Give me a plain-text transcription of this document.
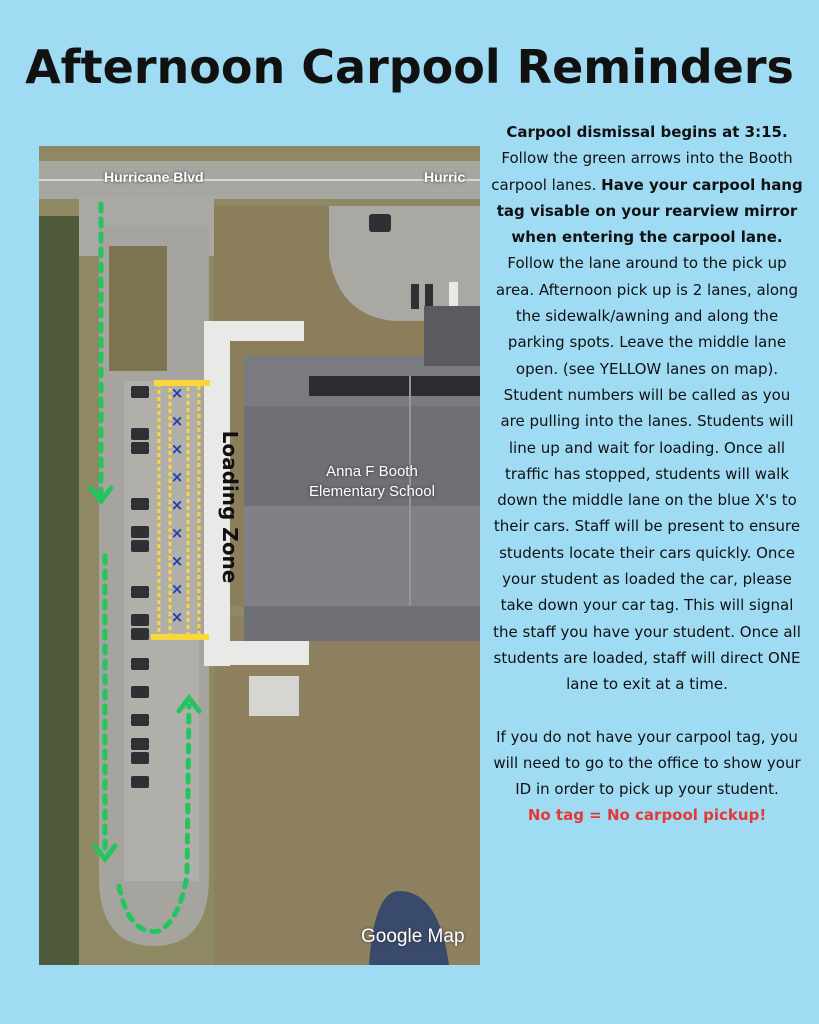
Afternoon Carpool Reminders
×
×
×
×
×
×
×
×
×
Hurricane Blvd	Hurric
Anna F Booth
Elementary School
Loading Zone
Google Map
Carpool dismissal begins at 3:15. Follow the green arrows into the Booth carpool lanes. Have your carpool hang tag visable on your rearview mirror when entering the carpool lane. Follow the lane around to the pick up area. Afternoon pick up is 2 lanes, along the sidewalk/awning and along the parking spots. Leave the middle lane open. (see YELLOW lanes on map). Student numbers will be called as you are pulling into the lanes. Students will line up and wait for loading. Once all traffic has stopped, students will walk down the middle lane on the blue X's to their cars. Staff will be present to ensure students locate their cars quickly. Once your student as loaded the car, please take down your car tag. This will signal the staff you have your student. Once all students are loaded, staff will direct ONE lane to exit at a time.
If you do not have your carpool tag, you will need to go to the office to show your ID in order to pick up your student.
No tag = No carpool pickup!
